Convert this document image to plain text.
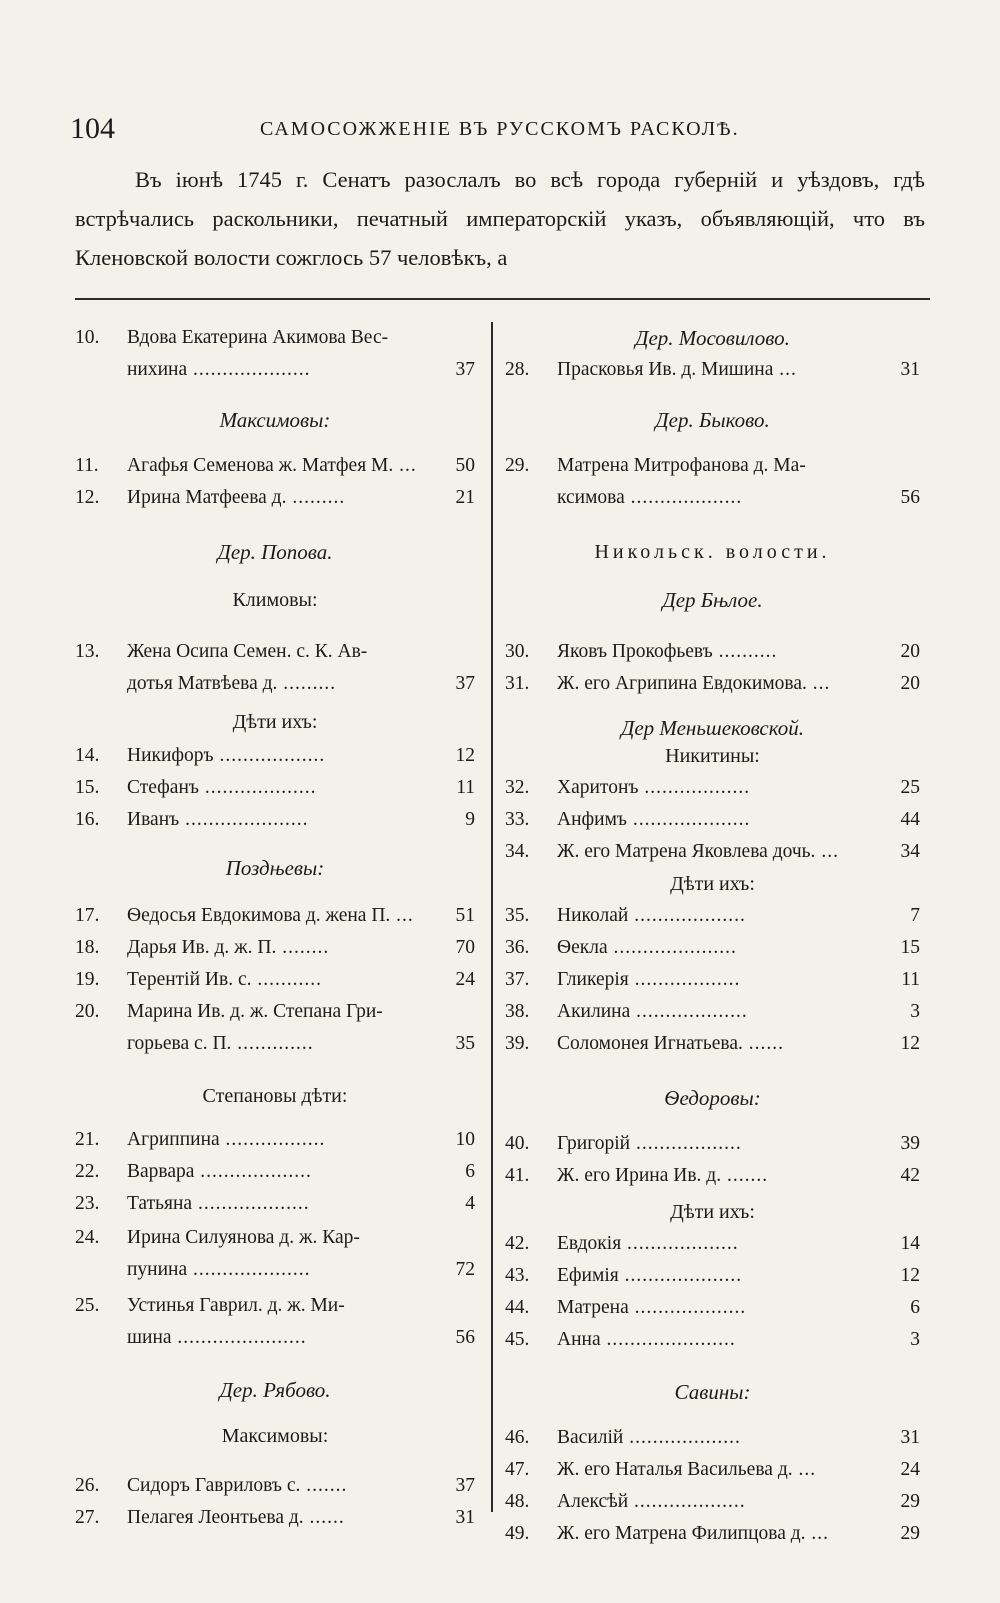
104	САМОСОЖЖЕНІЕ ВЪ РУССКОМЪ РАСКОЛѢ.

Въ іюнѣ 1745 г. Сенатъ разослалъ во всѣ города губерній и уѣздовъ, гдѣ встрѣчались раскольники, печатный императорскій указъ, объявляющій, что въ Кленовской волости сожглось 57 человѣкъ, а

10. Вдова Екатерина Акимова Вес-
нихина ....................	37
Максимовы:
11. Агафья Семенова ж. Матфея М. ... 50
12. Ирина Матфеева д. .........	21
Дер. Попова.
Климовы:
13. Жена Осипа Семен. с. К. Ав-
дотья Матвѣева д. .........	37
Дѣти ихъ:
14. Никифоръ ..................	12
15. Стефанъ ...................	11
16. Иванъ .....................	9
Поздњевы:
17. Ѳедосья Евдокимова д. жена П. ... 51
18. Дарья Ив. д. ж. П. ........	70
19. Терентій Ив. с. ...........	24
20. Марина Ив. д. ж. Степана Гри-
горьева с. П. .............	35
Степановы дѣти:
21. Агриппина .................	10
22. Варвара ...................	6
23. Татьяна ...................	4
24. Ирина Силуянова д. ж. Кар-
пунина ....................	72
25. Устинья Гаврил. д. ж. Ми-
шина ......................	56
Дер. Рябово.
Максимовы:
26. Сидоръ Гавриловъ с. .......	37
27. Пелагея Леонтьева д. ......	31
Дер. Мосовилово.
28. Прасковья Ив. д. Мишина ...	31
Дер. Быково.
29. Матрена Митрофанова д. Ма-
ксимова ...................	56
Никольск. волости.
Дер Бњлое.
30. Яковъ Прокофьевъ ..........	20
31. Ж. его Агрипина Евдокимова. ...	20
Дер Меньшековской.
Никитины:
32. Харитонъ ..................	25
33. Анфимъ ....................	44
34. Ж. его Матрена Яковлева дочь. ...	34
Дѣти ихъ:
35. Николай ...................	7
36. Ѳекла .....................	15
37. Гликерія ..................	11
38. Акилина ...................	3
39. Соломонея Игнатьева. ......	12
Ѳедоровы:
40. Григорій ..................	39
41. Ж. его Ирина Ив. д. .......	42
Дѣти ихъ:
42. Евдокія ...................	14
43. Ефимія ....................	12
44. Матрена ...................	6
45. Анна ......................	3
Савины:
46. Василій ...................	31
47. Ж. его Наталья Васильева д. ...	24
48. Алексѣй ...................	29
49. Ж. его Матрена Филипцова д. ...	29
